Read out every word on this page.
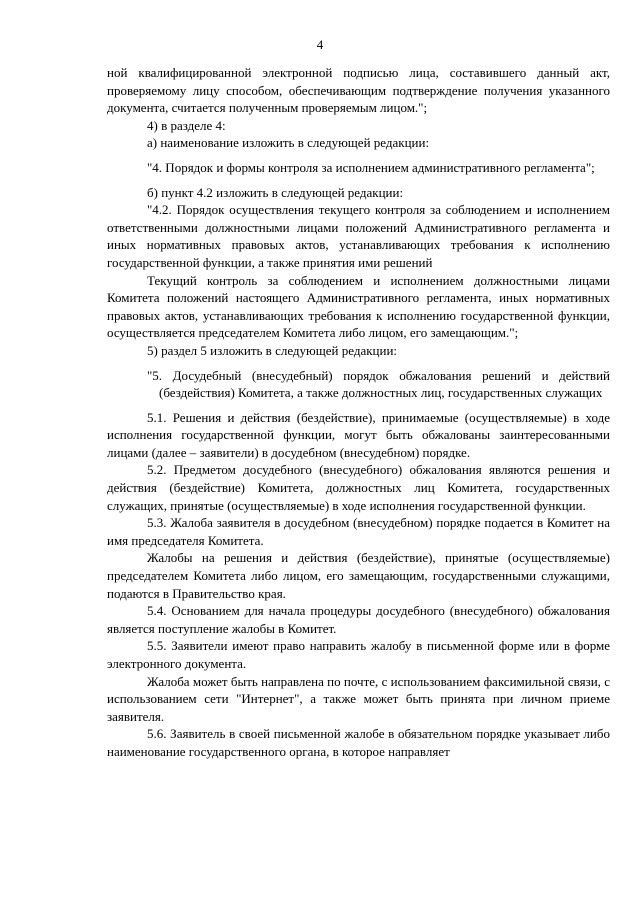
4

ной квалифицированной электронной подписью лица, составившего данный акт, проверяемому лицу способом, обеспечивающим подтверждение получения указанного документа, считается полученным проверяемым лицом.";

4) в разделе 4:

а) наименование изложить в следующей редакции:

"4. Порядок и формы контроля за исполнением административного регламента";

б) пункт 4.2 изложить в следующей редакции:

"4.2. Порядок осуществления текущего контроля за соблюдением и исполнением ответственными должностными лицами положений Административного регламента и иных нормативных правовых актов, устанавливающих требования к исполнению государственной функции, а также принятия ими решений

Текущий контроль за соблюдением и исполнением должностными лицами Комитета положений настоящего Административного регламента, иных нормативных правовых актов, устанавливающих требования к исполнению государственной функции, осуществляется председателем Комитета либо лицом, его замещающим.";

5) раздел 5 изложить в следующей редакции:

"5. Досудебный (внесудебный) порядок обжалования решений и действий (бездействия) Комитета, а также должностных лиц, государственных служащих

5.1. Решения и действия (бездействие), принимаемые (осуществляемые) в ходе исполнения государственной функции, могут быть обжалованы заинтересованными лицами (далее – заявители) в досудебном (внесудебном) порядке.

5.2. Предметом досудебного (внесудебного) обжалования являются решения и действия (бездействие) Комитета, должностных лиц Комитета, государственных служащих, принятые (осуществляемые) в ходе исполнения государственной функции.

5.3. Жалоба заявителя в досудебном (внесудебном) порядке подается в Комитет на имя председателя Комитета.

Жалобы на решения и действия (бездействие), принятые (осуществляемые) председателем Комитета либо лицом, его замещающим, государственными служащими, подаются в Правительство края.

5.4. Основанием для начала процедуры досудебного (внесудебного) обжалования является поступление жалобы в Комитет.

5.5. Заявители имеют право направить жалобу в письменной форме или в форме электронного документа.

Жалоба может быть направлена по почте, с использованием факсимильной связи, с использованием сети "Интернет", а также может быть принята при личном приеме заявителя.

5.6. Заявитель в своей письменной жалобе в обязательном порядке указывает либо наименование государственного органа, в которое направляет
